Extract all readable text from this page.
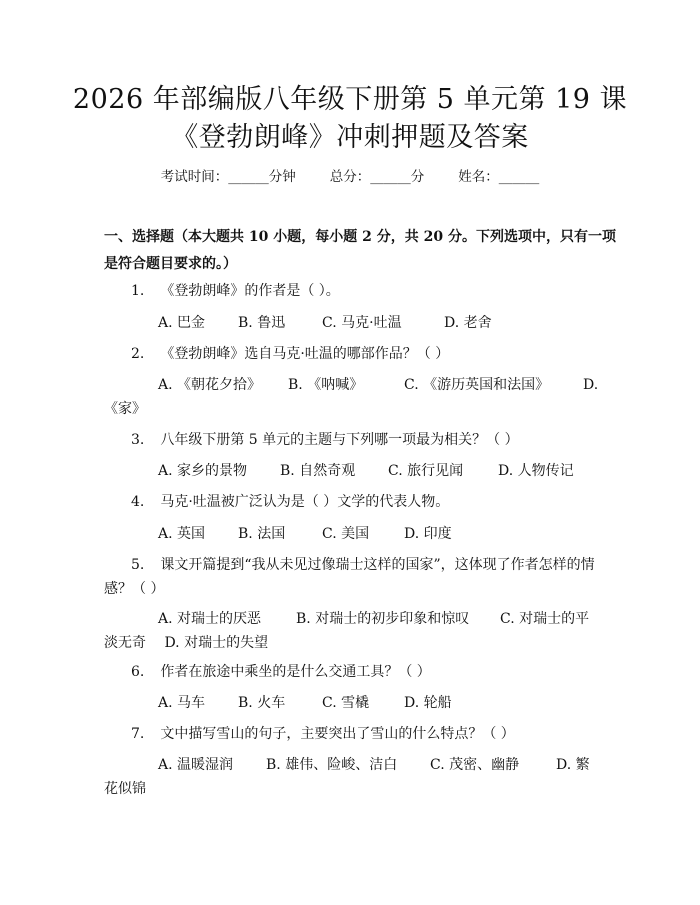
2026 年部编版八年级下册第 5 单元第 19 课
《登勃朗峰》冲刺押题及答案
考试时间：______分钟	总分：______分	姓名：______
一、选择题（本大题共 10 小题，每小题 2 分，共 20 分。下列选项中，只有一项
是符合题目要求的。）
1. 《登勃朗峰》的作者是（ ）。
A. 巴金 B. 鲁迅	C. 马克·吐温	D. 老舍
2. 《登勃朗峰》选自马克·吐温的哪部作品？（ ）
A. 《朝花夕拾》 B. 《呐喊》	C. 《游历英国和法国》 D.
《家》
3. 八年级下册第 5 单元的主题与下列哪一项最为相关？（ ）
A. 家乡的景物 B. 自然奇观 C. 旅行见闻 D. 人物传记
4. 马克·吐温被广泛认为是（ ）文学的代表人物。
A. 英国 B. 法国	C. 美国 D. 印度
5. 课文开篇提到“我从未见过像瑞士这样的国家”，这体现了作者怎样的情
感？（ ）
A. 对瑞士的厌恶 B. 对瑞士的初步印象和惊叹 C. 对瑞士的平
淡无奇　 D. 对瑞士的失望
6. 作者在旅途中乘坐的是什么交通工具？（ ）
A. 马车 B. 火车	C. 雪橇 D. 轮船
7. 文中描写雪山的句子，主要突出了雪山的什么特点？（ ）
A. 温暖湿润 B. 雄伟、险峻、洁白 C. 茂密、幽静	D. 繁
花似锦
